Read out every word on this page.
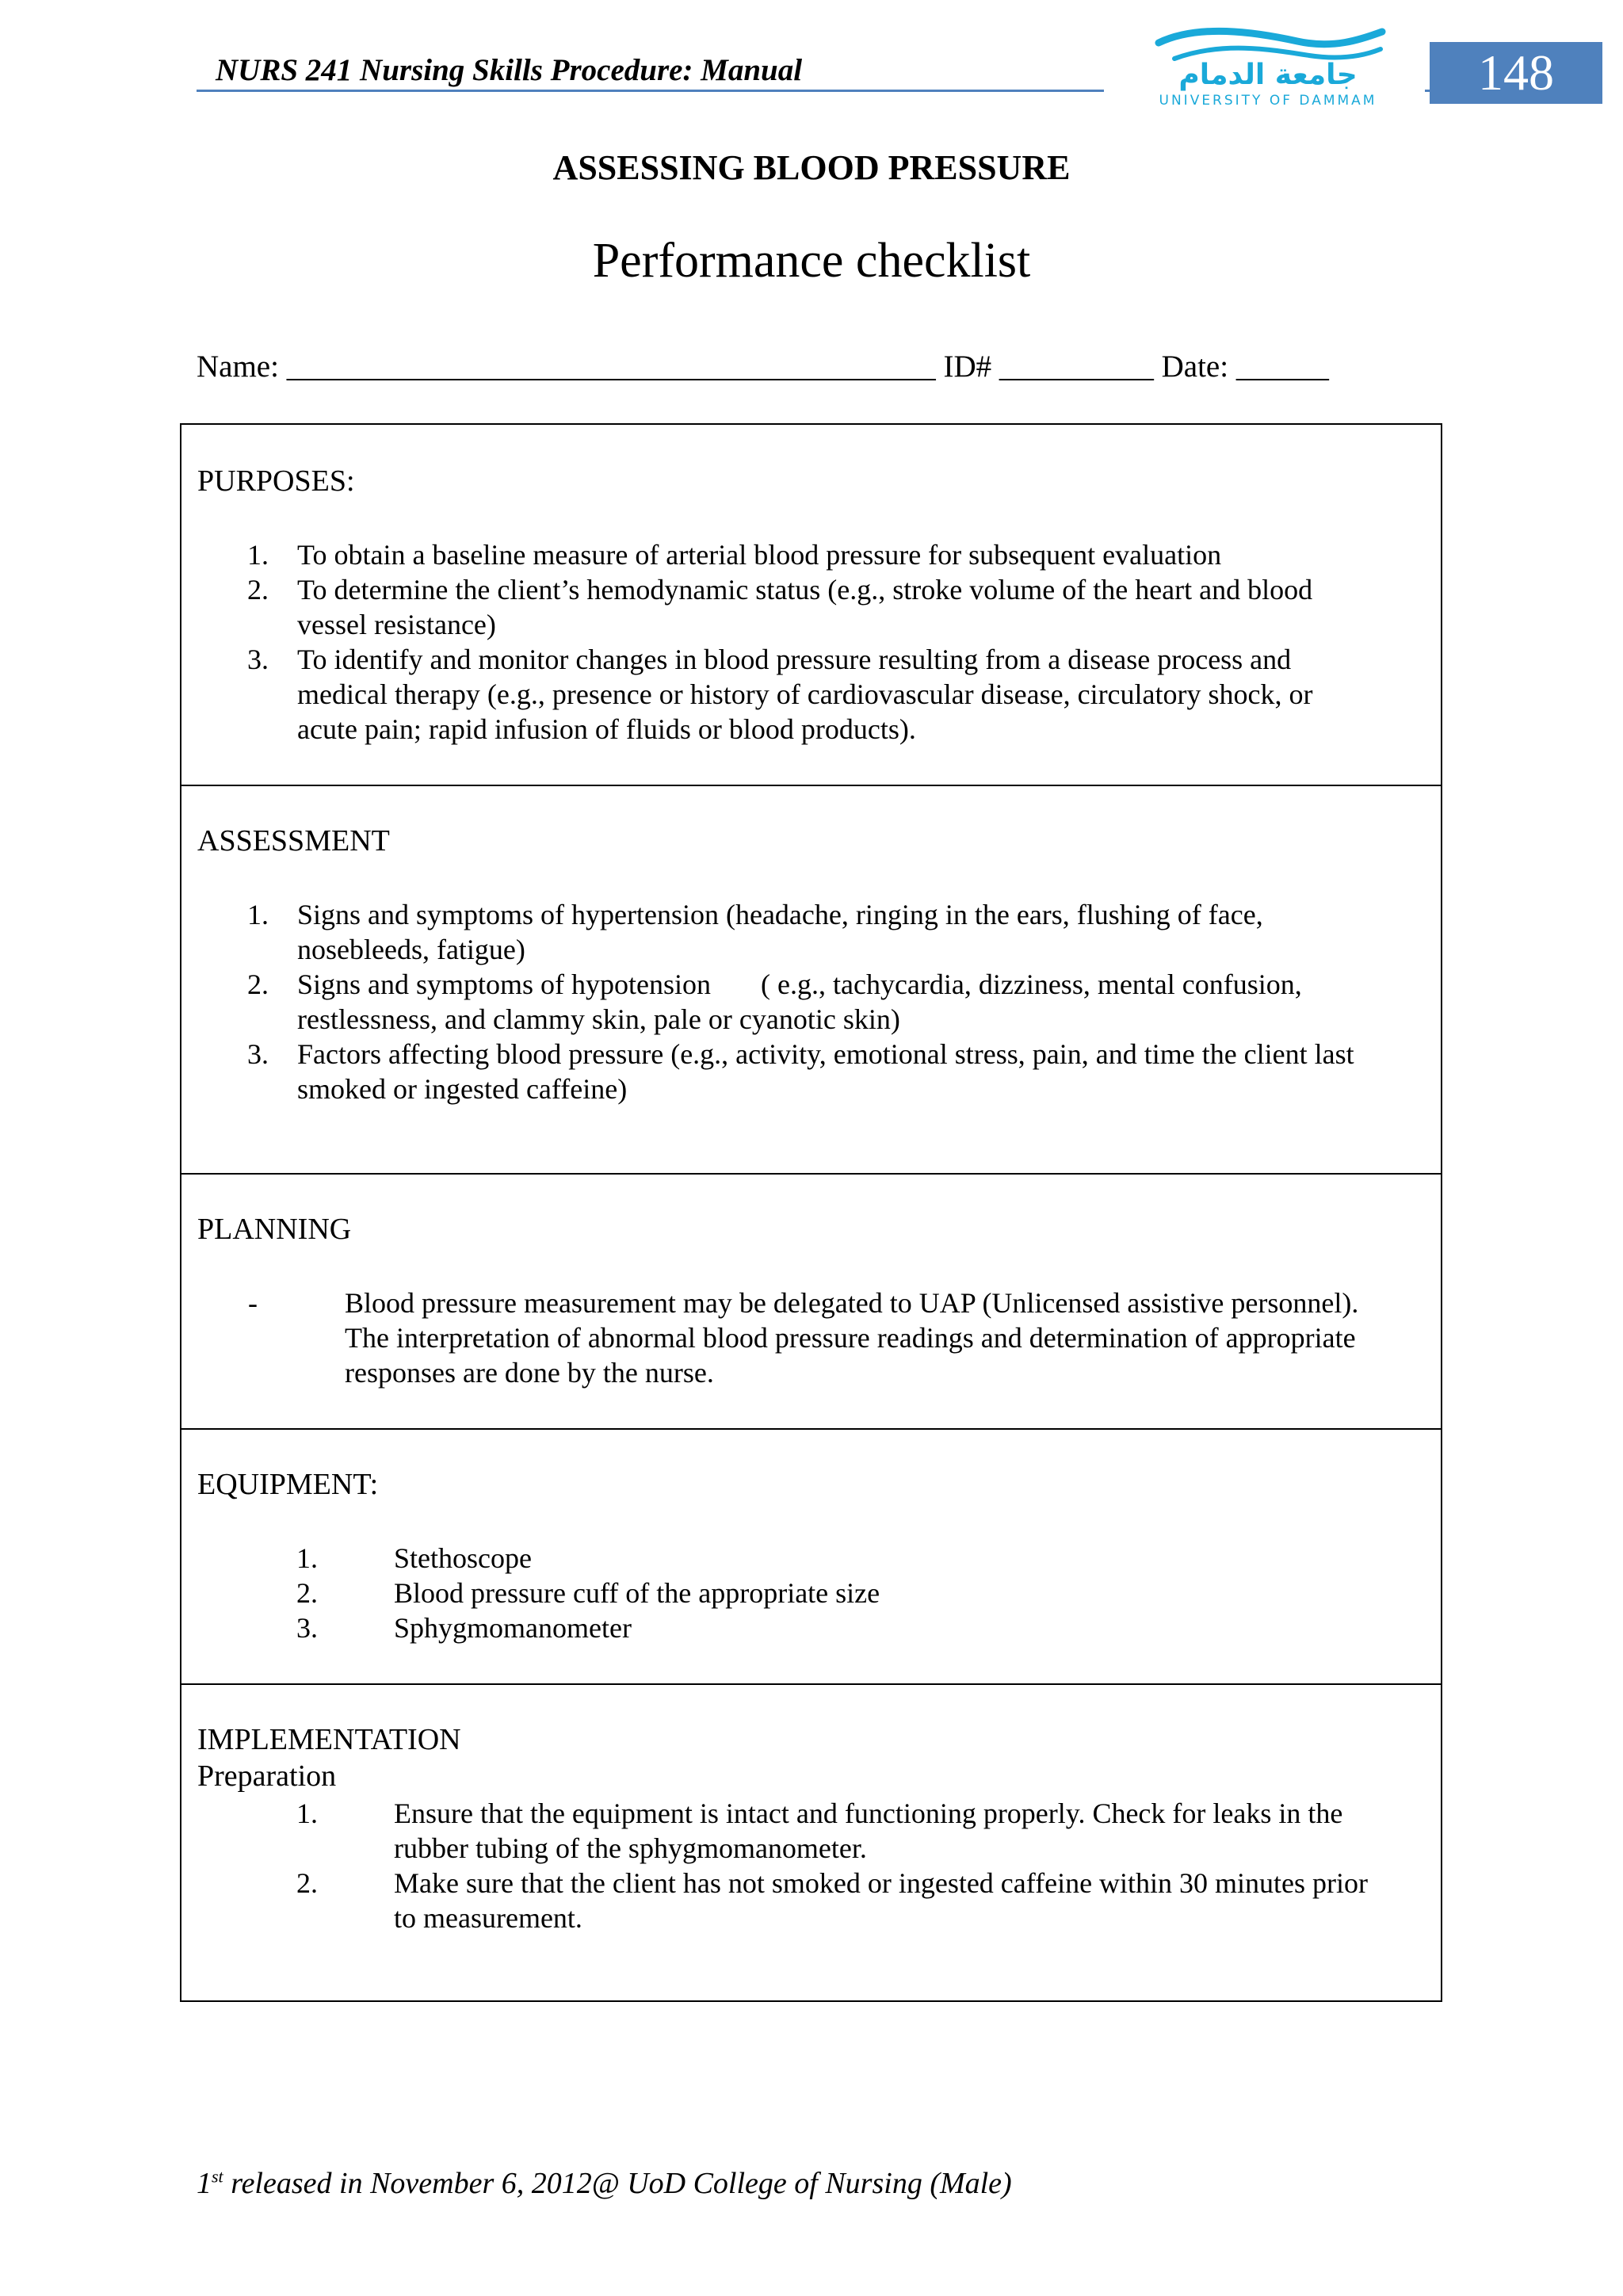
NURS 241 Nursing Skills Procedure: Manual	جامعة الدمام
UNIVERSITY OF DAMMAM	148
ASSESSING BLOOD PRESSURE
Performance checklist
Name: __________________________________________ ID# __________ Date: ______
PURPOSES:
1. To obtain a baseline measure of arterial blood pressure for subsequent evaluation
2. To determine the client’s hemodynamic status (e.g., stroke volume of the heart and blood
vessel resistance)
3. To identify and monitor changes in blood pressure resulting from a disease process and
medical therapy (e.g., presence or history of cardiovascular disease, circulatory shock, or
acute pain; rapid infusion of fluids or blood products).
ASSESSMENT
1. Signs and symptoms of hypertension (headache, ringing in the ears, flushing of face,
nosebleeds, fatigue)
2. Signs and symptoms of hypotension       ( e.g., tachycardia, dizziness, mental confusion,
restlessness, and clammy skin, pale or cyanotic skin)
3. Factors affecting blood pressure (e.g., activity, emotional stress, pain, and time the client last
smoked or ingested caffeine)
PLANNING
-	Blood pressure measurement may be delegated to UAP (Unlicensed assistive personnel).
The interpretation of abnormal blood pressure readings and determination of appropriate
responses are done by the nurse.
EQUIPMENT:
1.	Stethoscope
2.	Blood pressure cuff of the appropriate size
3.	Sphygmomanometer
IMPLEMENTATION
Preparation
1.	Ensure that the equipment is intact and functioning properly. Check for leaks in the
rubber tubing of the sphygmomanometer.
2.	Make sure that the client has not smoked or ingested caffeine within 30 minutes prior
to measurement.
1st released in November 6, 2012@ UoD College of Nursing (Male)
